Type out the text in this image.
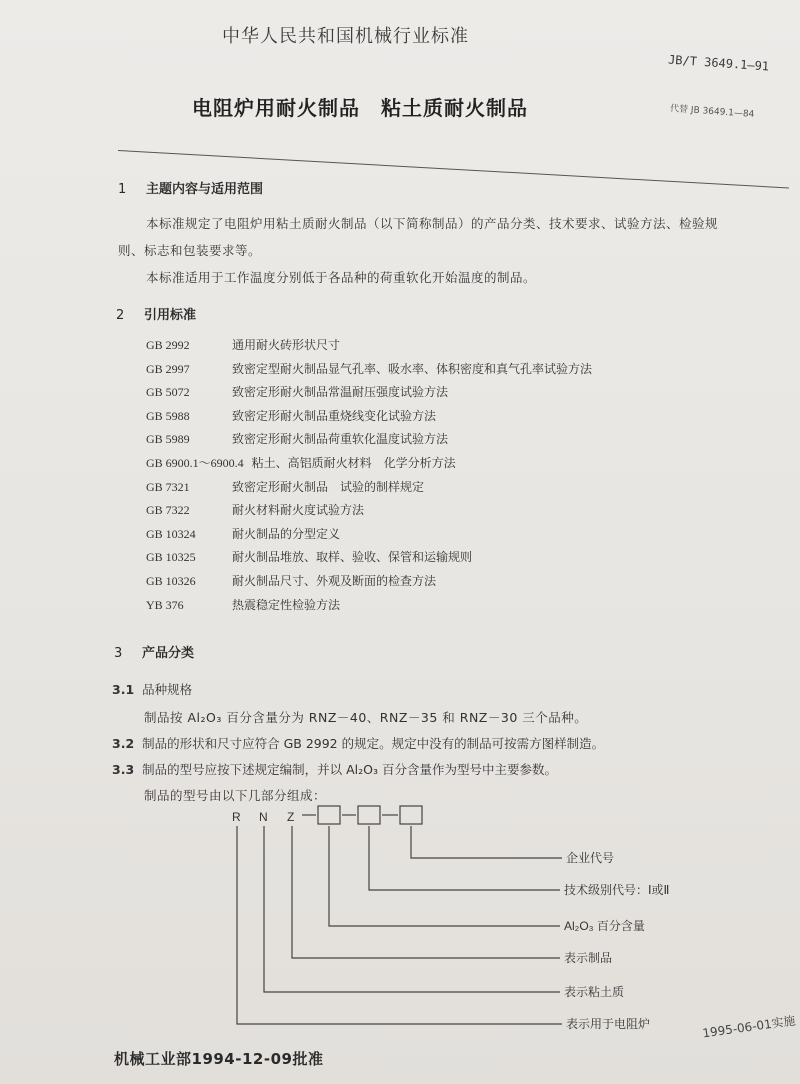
中华人民共和国机械行业标准
JB/T 3649.1—91
电阻炉用耐火制品　粘土质耐火制品	代替 JB 3649.1—84
1 主题内容与适用范围
本标准规定了电阻炉用粘土质耐火制品（以下简称制品）的产品分类、技术要求、试验方法、检验规
则、标志和包装要求等。
本标准适用于工作温度分别低于各品种的荷重软化开始温度的制品。
2 引用标准
GB 2992	通用耐火砖形状尺寸
GB 2997	致密定型耐火制品显气孔率、吸水率、体积密度和真气孔率试验方法
GB 5072	致密定形耐火制品常温耐压强度试验方法
GB 5988	致密定形耐火制品重烧线变化试验方法
GB 5989	致密定形耐火制品荷重软化温度试验方法
GB 6900.1～6900.4 粘土、高铝质耐火材料　化学分析方法
GB 7321	致密定形耐火制品　试验的制样规定
GB 7322	耐火材料耐火度试验方法
GB 10324	耐火制品的分型定义
GB 10325	耐火制品堆放、取样、验收、保管和运输规则
GB 10326	耐火制品尺寸、外观及断面的检查方法
YB 376	热震稳定性检验方法
3 产品分类
3.1 品种规格
制品按 Al₂O₃ 百分含量分为 RNZ－40、RNZ－35 和 RNZ－30 三个品种。
3.2 制品的形状和尺寸应符合 GB 2992 的规定。规定中没有的制品可按需方图样制造。
3.3 制品的型号应按下述规定编制，并以 Al₂O₃ 百分含量作为型号中主要参数。
制品的型号由以下几部分组成：
R N Z
企业代号
技术级别代号：Ⅰ或Ⅱ
Al₂O₃ 百分含量
表示制品
表示粘土质
表示用于电阻炉
机械工业部1994-12-09批准
1995-06-01实施
